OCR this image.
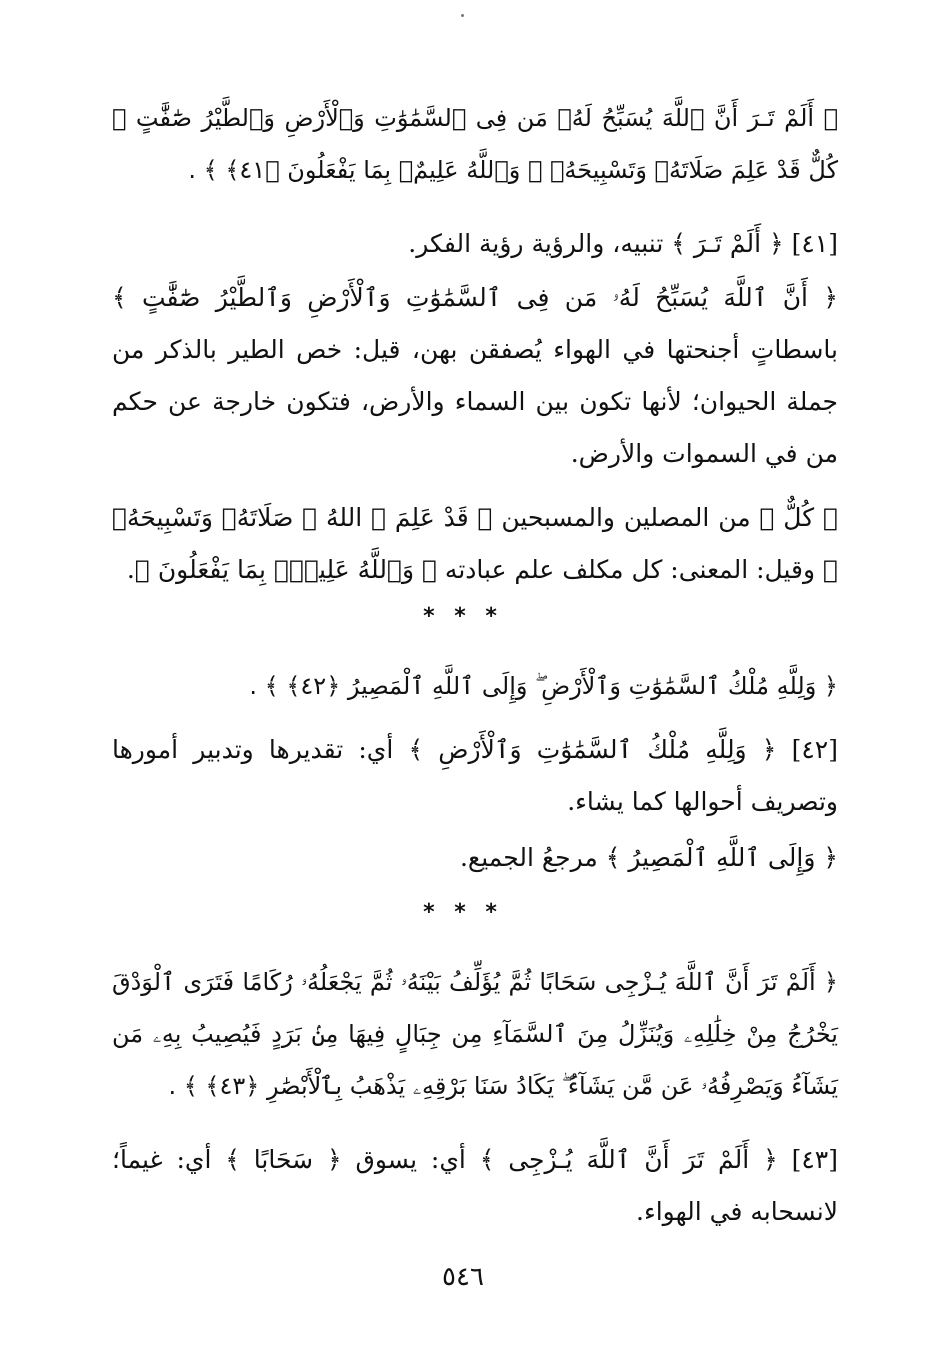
﴿ أَلَمْ تَـرَ أَنَّ ٱللَّهَ يُسَبِّحُ لَهُۥ مَن فِى ٱلسَّمَٰوَٰتِ وَٱلْأَرْضِ وَٱلطَّيْرُ صَٰٓفَّٰتٍ ۖ كُلٌّ قَدْ عَلِمَ صَلَاتَهُۥ وَتَسْبِيحَهُۥ ۗ وَٱللَّهُ عَلِيمٌۢ بِمَا يَفْعَلُونَ ﴿٤١﴾ ﴾ .
[٤١] ﴿ أَلَمْ تَـرَ ﴾ تنبيه، والرؤية رؤية الفكر.
﴿ أَنَّ ٱللَّهَ يُسَبِّحُ لَهُۥ مَن فِى ٱلسَّمَٰوَٰتِ وَٱلْأَرْضِ وَٱلطَّيْرُ صَٰٓفَّٰتٍ ﴾ باسطاتٍ أجنحتها في الهواء يُصفقن بهن، قيل: خص الطير بالذكر من جملة الحيوان؛ لأنها تكون بين السماء والأرض، فتكون خارجة عن حكم من في السموات والأرض.
﴿ كُلٌّ ﴾ من المصلين والمسبحين ﴿ قَدْ عَلِمَ ﴾ اللهُ ﴿ صَلَاتَهُۥ وَتَسْبِيحَهُۥ ﴾ وقيل: المعنى: كل مكلف علم عبادته ﴿ وَٱللَّهُ عَلِيمٌۢ بِمَا يَفْعَلُونَ ﴾.
* * *
﴿ وَلِلَّهِ مُلْكُ ٱلسَّمَٰوَٰتِ وَٱلْأَرْضِ ۖ وَإِلَى ٱللَّهِ ٱلْمَصِيرُ ﴿٤٢﴾ ﴾ .
[٤٢] ﴿ وَلِلَّهِ مُلْكُ ٱلسَّمَٰوَٰتِ وَٱلْأَرْضِ ﴾ أي: تقديرها وتدبير أمورها وتصريف أحوالها كما يشاء.
﴿ وَإِلَى ٱللَّهِ ٱلْمَصِيرُ ﴾ مرجعُ الجميع.
* * *
﴿ أَلَمْ تَرَ أَنَّ ٱللَّهَ يُـزْجِى سَحَابًا ثُمَّ يُؤَلِّفُ بَيْنَهُۥ ثُمَّ يَجْعَلُهُۥ رُكَامًا فَتَرَى ٱلْوَدْقَ يَخْرُجُ مِنْ خِلَٰلِهِۦ وَيُنَزِّلُ مِنَ ٱلسَّمَآءِ مِن جِبَالٍ فِيهَا مِنۢ بَرَدٍ فَيُصِيبُ بِهِۦ مَن يَشَآءُ وَيَصْرِفُهُۥ عَن مَّن يَشَآءُ ۖ يَكَادُ سَنَا بَرْقِهِۦ يَذْهَبُ بِٱلْأَبْصَٰرِ ﴿٤٣﴾ ﴾ .
[٤٣] ﴿ أَلَمْ تَرَ أَنَّ ٱللَّهَ يُـزْجِى ﴾ أي: يسوق ﴿ سَحَابًا ﴾ أي: غيماً؛ لانسحابه في الهواء.
٥٤٦
